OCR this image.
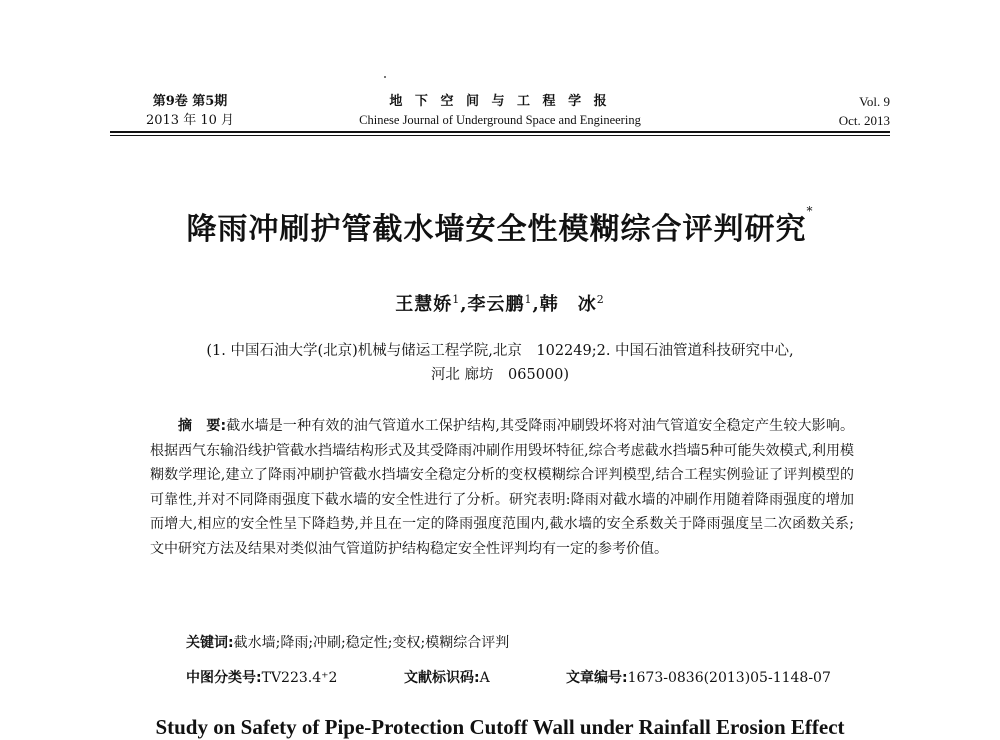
第9卷 第5期
2013 年 10 月
地 下 空 间 与 工 程 学 报
Chinese Journal of Underground Space and Engineering
Vol. 9
Oct. 2013
降雨冲刷护管截水墙安全性模糊综合评判研究*
王慧娇$^1$,李云鹏$^1$,韩　冰$^2$
(1. 中国石油大学(北京)机械与储运工程学院,北京　102249;2. 中国石油管道科技研究中心,
河北 廊坊　065000)
摘　要:截水墙是一种有效的油气管道水工保护结构,其受降雨冲刷毁坏将对油气管道安全稳定产生较大影响。根据西气东输沿线护管截水挡墙结构形式及其受降雨冲刷作用毁坏特征,综合考虑截水挡墙5种可能失效模式,利用模糊数学理论,建立了降雨冲刷护管截水挡墙安全稳定分析的变权模糊综合评判模型,结合工程实例验证了评判模型的可靠性,并对不同降雨强度下截水墙的安全性进行了分析。研究表明:降雨对截水墙的冲刷作用随着降雨强度的增加而增大,相应的安全性呈下降趋势,并且在一定的降雨强度范围内,截水墙的安全系数关于降雨强度呈二次函数关系;文中研究方法及结果对类似油气管道防护结构稳定安全性评判均有一定的参考价值。
关键词:截水墙;降雨;冲刷;稳定性;变权;模糊综合评判
中图分类号:TV223.4⁺2	文献标识码:A	文章编号:1673-0836(2013)05-1148-07
Study on Safety of Pipe-Protection Cutoff Wall under Rainfall Erosion Effect
